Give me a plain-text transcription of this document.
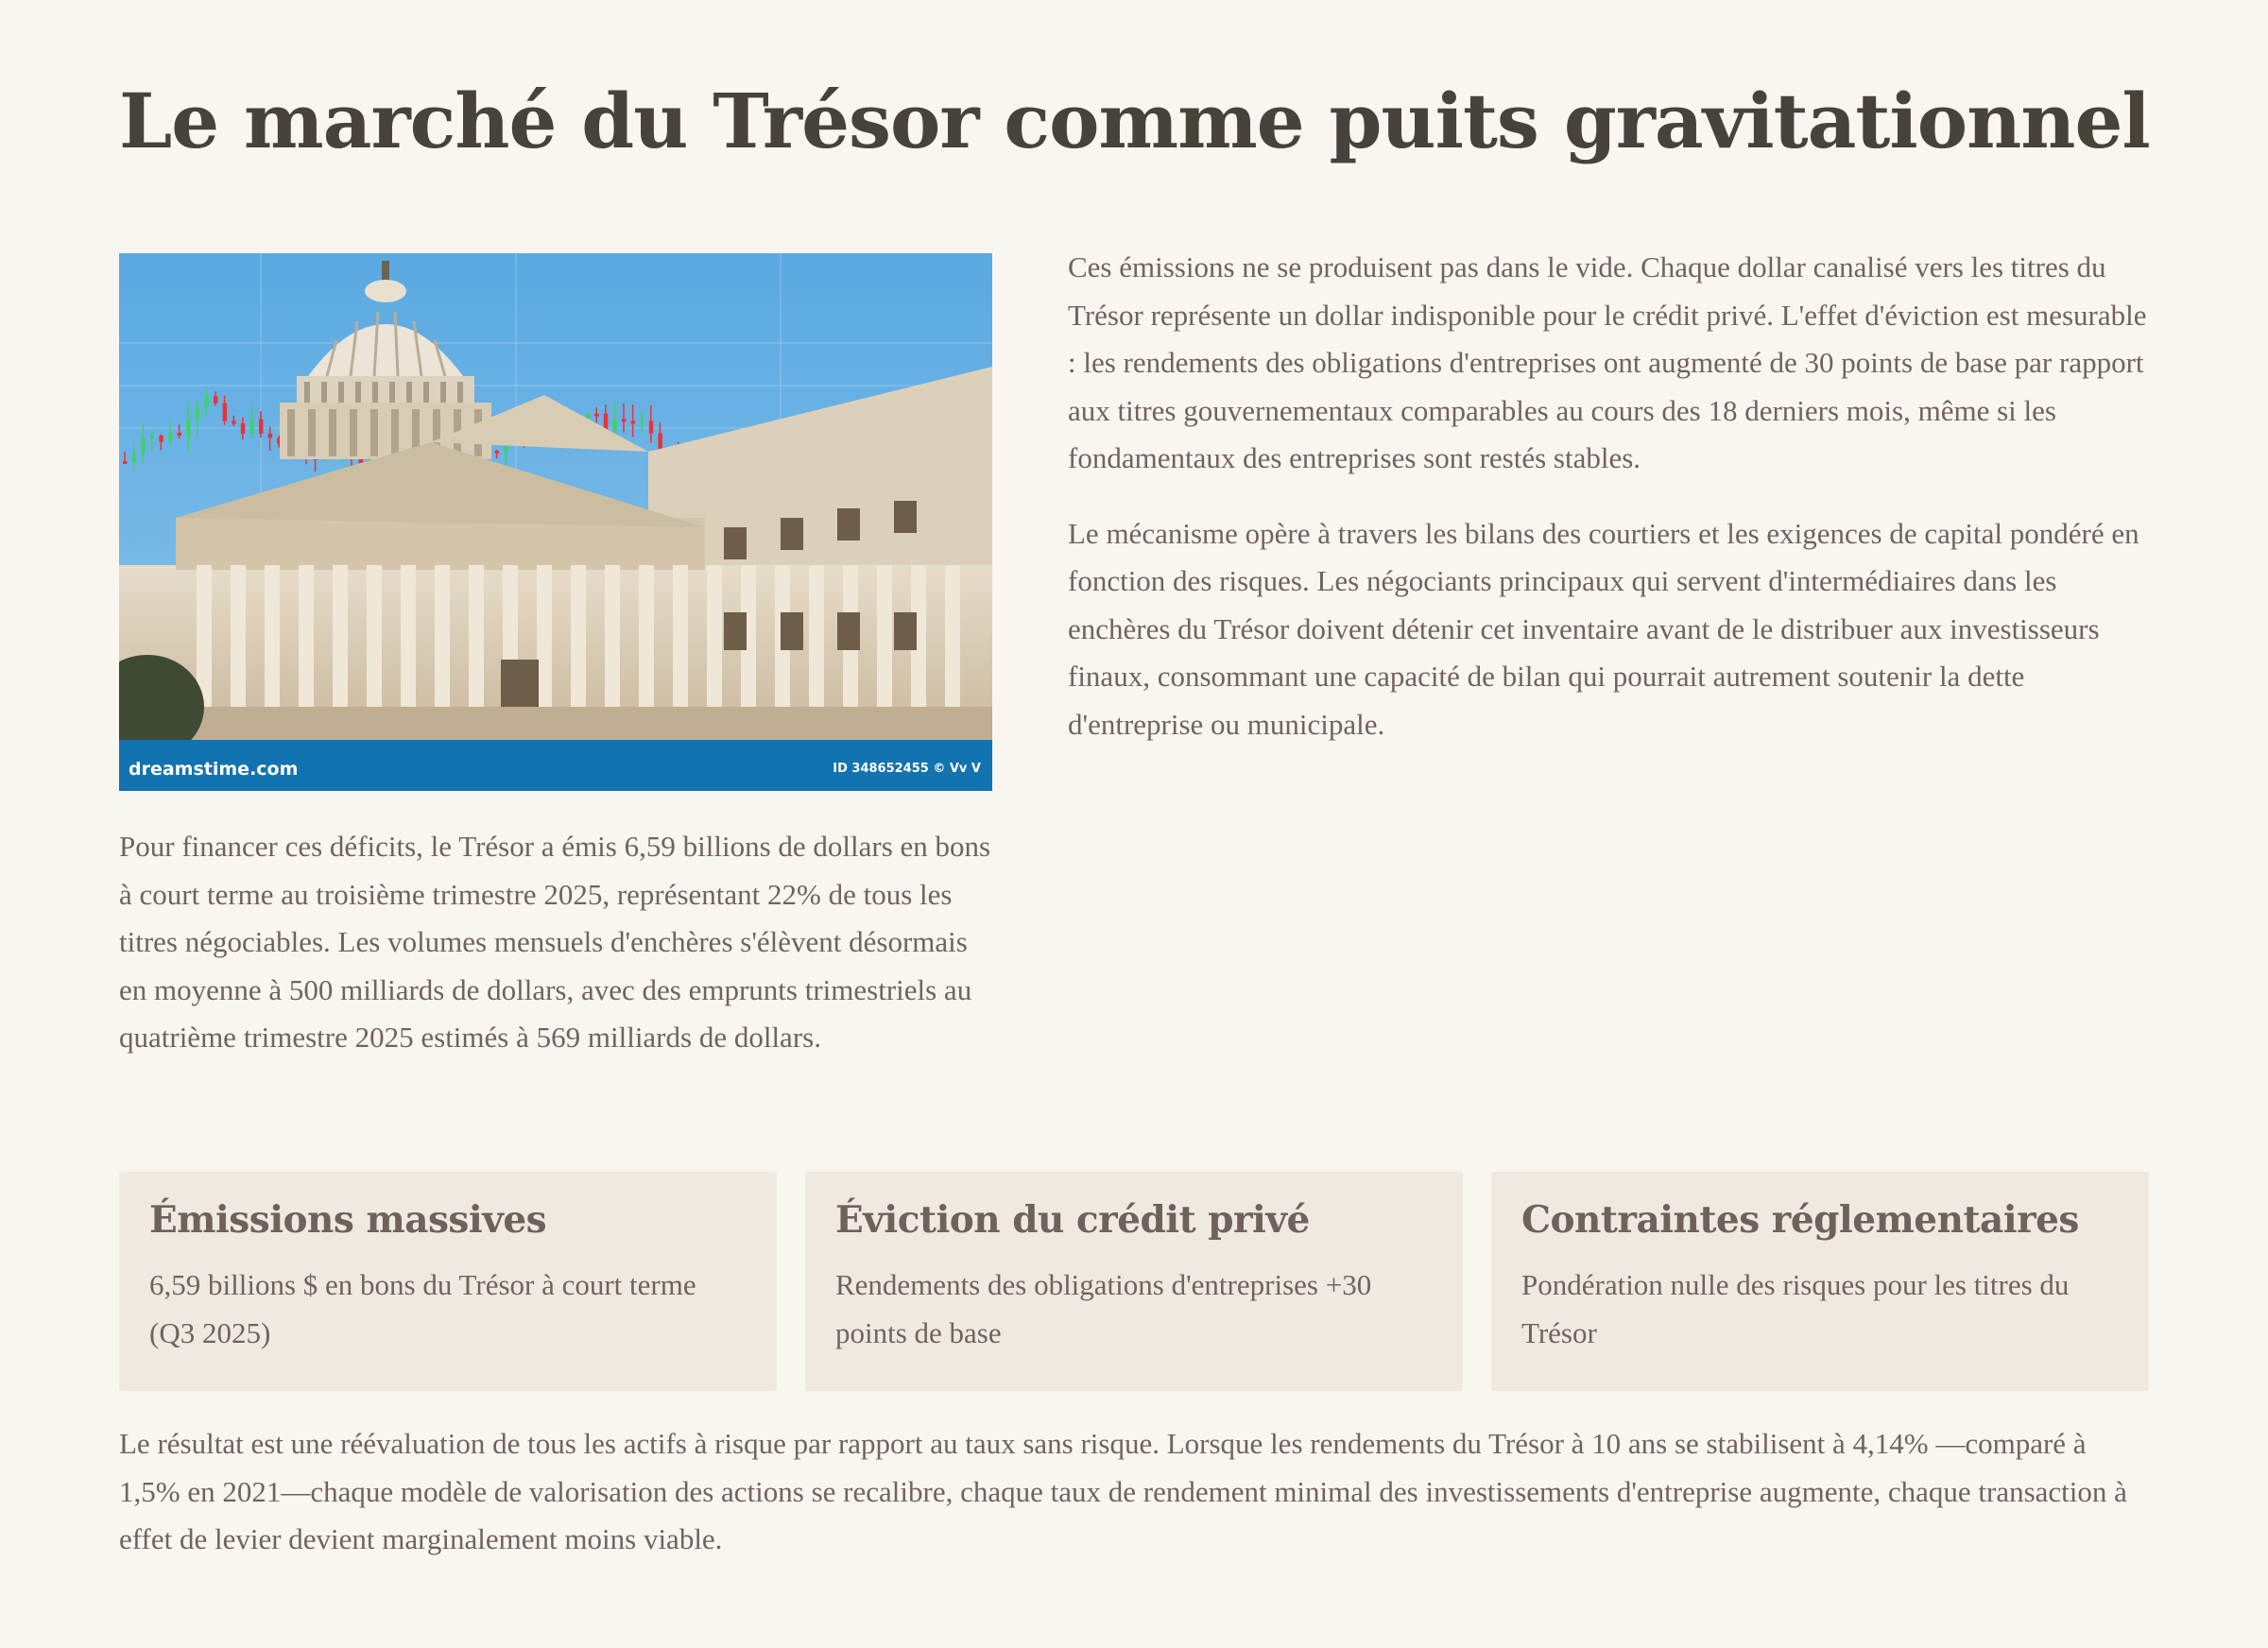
Le marché du Trésor comme puits gravitationnel
dreamstime.com	ID 348652455 © Vv V

Pour financer ces déficits, le Trésor a émis 6,59 billions de dollars en bons à court terme au troisième trimestre 2025, représentant 22% de tous les titres négociables. Les volumes mensuels d'enchères s'élèvent désormais en moyenne à 500 milliards de dollars, avec des emprunts trimestriels au quatrième trimestre 2025 estimés à 569 milliards de dollars.

Ces émissions ne se produisent pas dans le vide. Chaque dollar canalisé vers les titres du Trésor représente un dollar indisponible pour le crédit privé. L'effet d'éviction est mesurable : les rendements des obligations d'entreprises ont augmenté de 30 points de base par rapport aux titres gouvernementaux comparables au cours des 18 derniers mois, même si les fondamentaux des entreprises sont restés stables.

Le mécanisme opère à travers les bilans des courtiers et les exigences de capital pondéré en fonction des risques. Les négociants principaux qui servent d'intermédiaires dans les enchères du Trésor doivent détenir cet inventaire avant de le distribuer aux investisseurs finaux, consommant une capacité de bilan qui pourrait autrement soutenir la dette d'entreprise ou municipale.

Émissions massives

6,59 billions $ en bons du Trésor à court terme (Q3 2025)

Éviction du crédit privé

Rendements des obligations d'entreprises +30 points de base

Contraintes réglementaires

Pondération nulle des risques pour les titres du Trésor

Le résultat est une réévaluation de tous les actifs à risque par rapport au taux sans risque. Lorsque les rendements du Trésor à 10 ans se stabilisent à 4,14% —comparé à 1,5% en 2021—chaque modèle de valorisation des actions se recalibre, chaque taux de rendement minimal des investissements d'entreprise augmente, chaque transaction à effet de levier devient marginalement moins viable.
